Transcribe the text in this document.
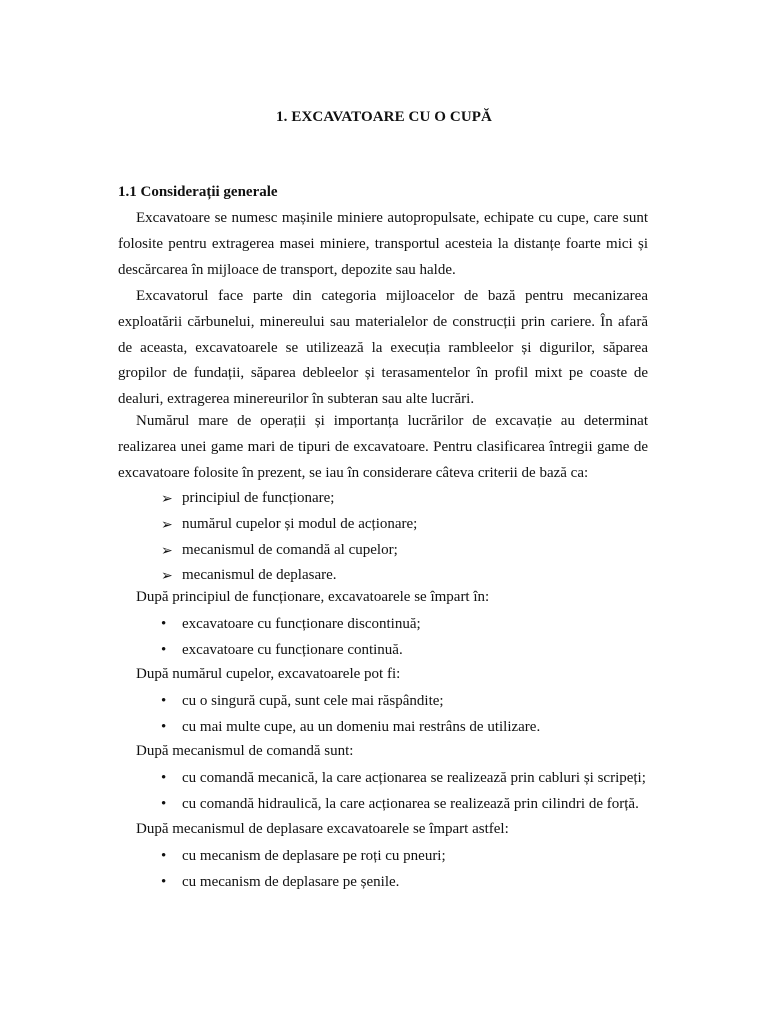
1. EXCAVATOARE CU O CUPĂ
1.1 Considerații generale
Excavatoare se numesc mașinile miniere autopropulsate, echipate cu cupe, care sunt folosite pentru extragerea masei miniere, transportul acesteia la distanțe foarte mici și descărcarea în mijloace de transport, depozite sau halde.
Excavatorul face parte din categoria mijloacelor de bază pentru mecanizarea exploatării cărbunelui, minereului sau materialelor de construcții prin cariere. În afară de aceasta, excavatoarele se utilizează la execuția rambleelor și digurilor, săparea gropilor de fundații, săparea debleelor și terasamentelor în profil mixt pe coaste de dealuri, extragerea minereurilor în subteran sau alte lucrări.
Numărul mare de operații și importanța lucrărilor de excavație au determinat realizarea unei game mari de tipuri de excavatoare. Pentru clasificarea întregii game de excavatoare folosite în prezent, se iau în considerare câteva criterii de bază ca:
➢ principiul de funcționare;
➢ numărul cupelor și modul de acționare;
➢ mecanismul de comandă al cupelor;
➢ mecanismul de deplasare.
După principiul de funcționare, excavatoarele se împart în:
• excavatoare cu funcționare discontinuă;
• excavatoare cu funcționare continuă.
După numărul cupelor, excavatoarele pot fi:
• cu o singură cupă, sunt cele mai răspândite;
• cu mai multe cupe, au un domeniu mai restrâns de utilizare.
După mecanismul de comandă sunt:
• cu comandă mecanică, la care acționarea se realizează prin cabluri și scripeți;
• cu comandă hidraulică, la care acționarea se realizează prin cilindri de forță.
După mecanismul de deplasare excavatoarele se împart astfel:
• cu mecanism de deplasare pe roți cu pneuri;
• cu mecanism de deplasare pe șenile.
